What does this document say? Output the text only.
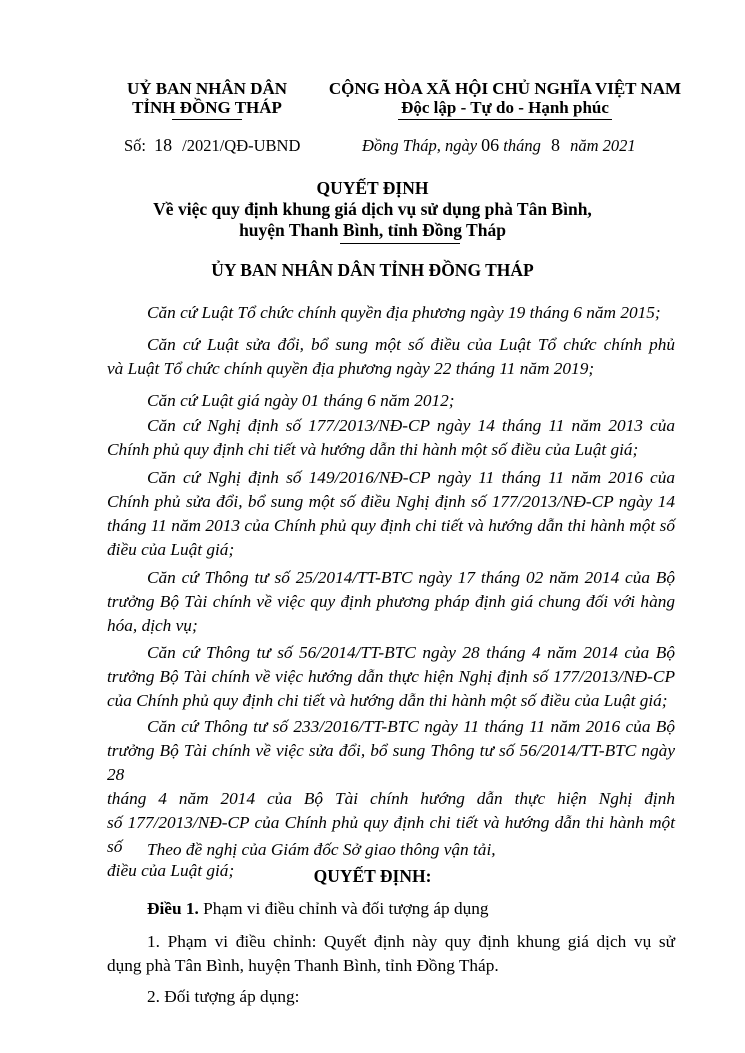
UỶ BAN NHÂN DÂN
TỈNH ĐỒNG THÁP
CỘNG HÒA XÃ HỘI CHỦ NGHĨA VIỆT NAM
Độc lập - Tự do - Hạnh phúc
Số: 18 /2021/QĐ-UBND	Đồng Tháp, ngày 06 tháng 8 năm 2021
QUYẾT ĐỊNH
Về việc quy định khung giá dịch vụ sử dụng phà Tân Bình,
huyện Thanh Bình, tỉnh Đồng Tháp
ỦY BAN NHÂN DÂN TỈNH ĐỒNG THÁP
Căn cứ Luật Tổ chức chính quyền địa phương ngày 19 tháng 6 năm 2015;
Căn cứ Luật sửa đổi, bổ sung một số điều của Luật Tổ chức chính phủ
và Luật Tổ chức chính quyền địa phương ngày 22 tháng 11 năm 2019;
Căn cứ Luật giá ngày 01 tháng 6 năm 2012;
Căn cứ Nghị định số 177/2013/NĐ-CP ngày 14 tháng 11 năm 2013 của
Chính phủ quy định chi tiết và hướng dẫn thi hành một số điều của Luật giá;
Căn cứ Nghị định số 149/2016/NĐ-CP ngày 11 tháng 11 năm 2016 của
Chính phủ sửa đổi, bổ sung một số điều Nghị định số 177/2013/NĐ-CP ngày 14
tháng 11 năm 2013 của Chính phủ quy định chi tiết và hướng dẫn thi hành một số
điều của Luật giá;
Căn cứ Thông tư số 25/2014/TT-BTC ngày 17 tháng 02 năm 2014 của Bộ
trưởng Bộ Tài chính về việc quy định phương pháp định giá chung đối với hàng
hóa, dịch vụ;
Căn cứ Thông tư số 56/2014/TT-BTC ngày 28 tháng 4 năm 2014 của Bộ
trưởng Bộ Tài chính về việc hướng dẫn thực hiện Nghị định số 177/2013/NĐ-CP
của Chính phủ quy định chi tiết và hướng dẫn thi hành một số điều của Luật giá;
Căn cứ Thông tư số 233/2016/TT-BTC ngày 11 tháng 11 năm 2016 của Bộ
trưởng Bộ Tài chính về việc sửa đổi, bổ sung Thông tư số 56/2014/TT-BTC ngày 28
tháng 4 năm 2014 của Bộ Tài chính hướng dẫn thực hiện Nghị định
số 177/2013/NĐ-CP của Chính phủ quy định chi tiết và hướng dẫn thi hành một số
điều của Luật giá;
Theo đề nghị của Giám đốc Sở giao thông vận tải,
QUYẾT ĐỊNH:
Điều 1. Phạm vi điều chỉnh và đối tượng áp dụng
1. Phạm vi điều chỉnh: Quyết định này quy định khung giá dịch vụ sử
dụng phà Tân Bình, huyện Thanh Bình, tỉnh Đồng Tháp.
2. Đối tượng áp dụng:
